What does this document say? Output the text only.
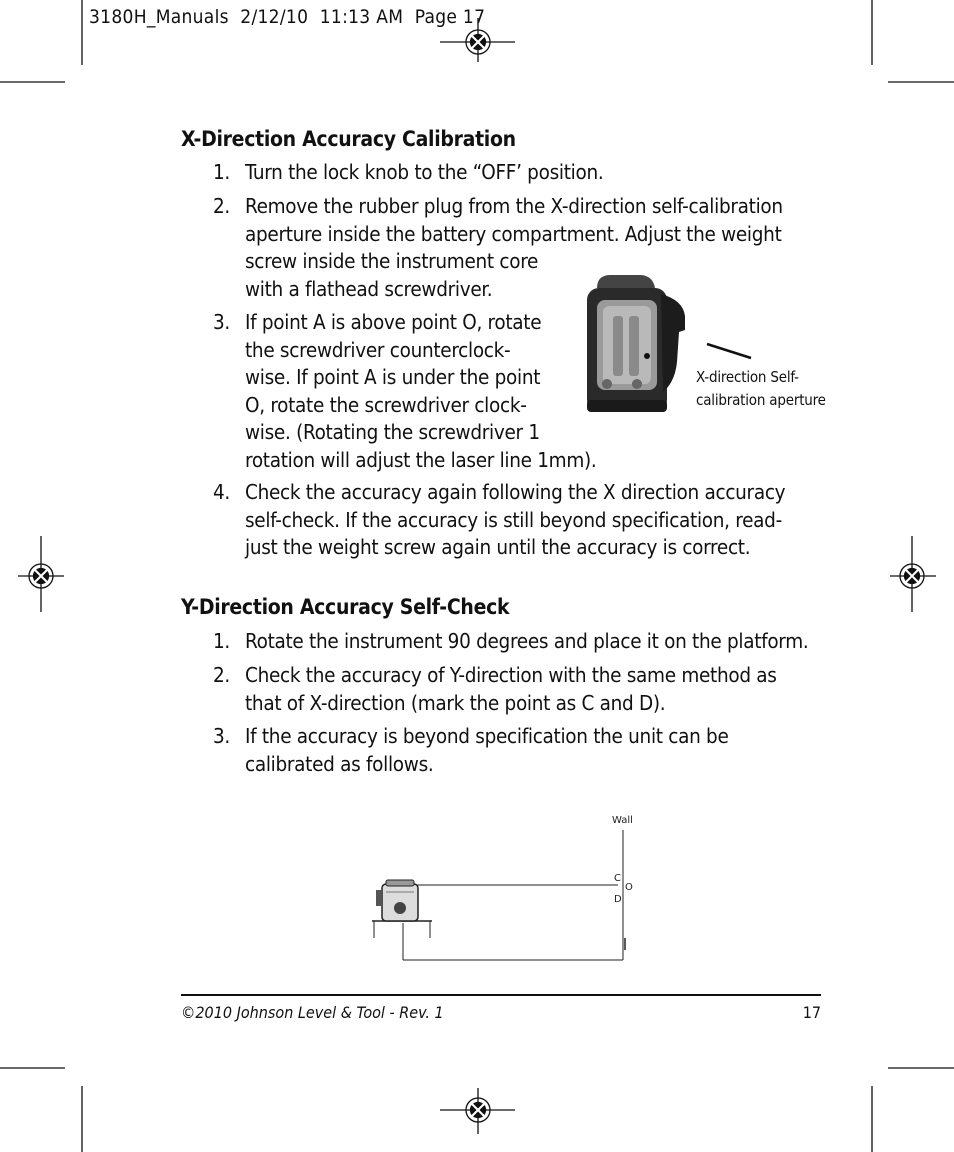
3180H_Manuals  2/12/10  11:13 AM  Page 17
X-Direction Accuracy Calibration
1. Turn the lock knob to the “OFF’ position.
2. Remove the rubber plug from the X-direction self-calibration
aperture inside the battery compartment. Adjust the weight
screw inside the instrument core
with a flathead screwdriver.
3. If point A is above point O, rotate
the screwdriver counterclock-
wise. If point A is under the point
O, rotate the screwdriver clock-
wise. (Rotating the screwdriver 1
rotation will adjust the laser line 1mm).
4. Check the accuracy again following the X direction accuracy
self-check. If the accuracy is still beyond specification, read-
just the weight screw again until the accuracy is correct.
X-direction Self-
calibration aperture
Y-Direction Accuracy Self-Check
1. Rotate the instrument 90 degrees and place it on the platform.
2. Check the accuracy of Y-direction with the same method as
that of X-direction (mark the point as C and D).
3. If the accuracy is beyond specification the unit can be
calibrated as follows.
Wall
C
O
D
©2010 Johnson Level & Tool - Rev. 1	17
